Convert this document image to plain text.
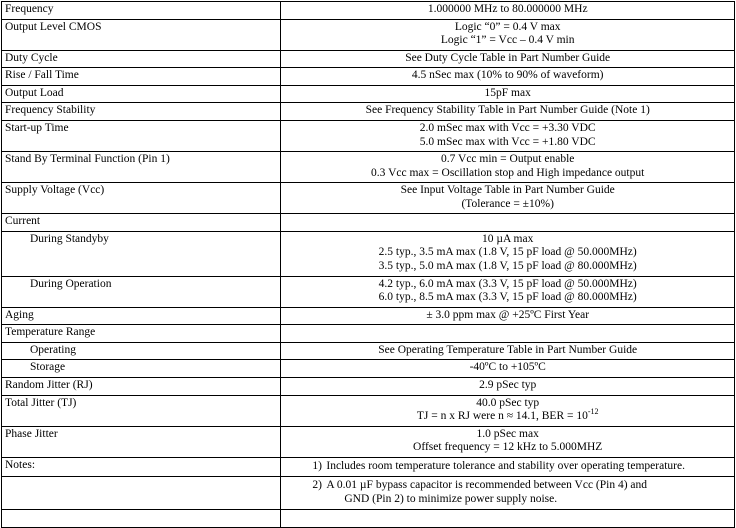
Frequency	1.000000 MHz to 80.000000 MHz

Output Level CMOS	Logic “0” = 0.4 V max
Logic “1” = Vcc – 0.4 V min

Duty Cycle	See Duty Cycle Table in Part Number Guide

Rise / Fall Time	4.5 nSec max (10% to 90% of waveform)

Output Load	15pF max

Frequency Stability	See Frequency Stability Table in Part Number Guide (Note 1)

Start-up Time	2.0 mSec max with Vcc = +3.30 VDC
5.0 mSec max with Vcc = +1.80 VDC

Stand By Terminal Function (Pin 1)	0.7 Vcc min = Output enable
0.3 Vcc max = Oscillation stop and High impedance output

Supply Voltage (Vcc)	See Input Voltage Table in Part Number Guide
(Tolerance = ±10%)

Current	

During Standyby	10 µA max
2.5 typ., 3.5 mA max (1.8 V, 15 pF load @ 50.000MHz)
3.5 typ., 5.0 mA max (1.8 V, 15 pF load @ 80.000MHz)

During Operation	4.2 typ., 6.0 mA max (3.3 V, 15 pF load @ 50.000MHz)
6.0 typ., 8.5 mA max (3.3 V, 15 pF load @ 80.000MHz)

Aging	± 3.0 ppm max @ +25ºC First Year

Temperature Range	

Operating	See Operating Temperature Table in Part Number Guide

Storage	-40ºC to +105ºC

Random Jitter (RJ)	2.9 pSec typ

Total Jitter (TJ)	40.0 pSec typ
TJ = n x RJ were n ≈ 14.1, BER = $10^{-12}$

Phase Jitter	1.0 pSec max
Offset frequency = 12 kHz to 5.000MHZ

Notes:	1) Includes room temperature tolerance and stability over operating temperature.

	2) A 0.01 µF bypass capacitor is recommended between Vcc (Pin 4) and
GND (Pin 2) to minimize power supply noise.
